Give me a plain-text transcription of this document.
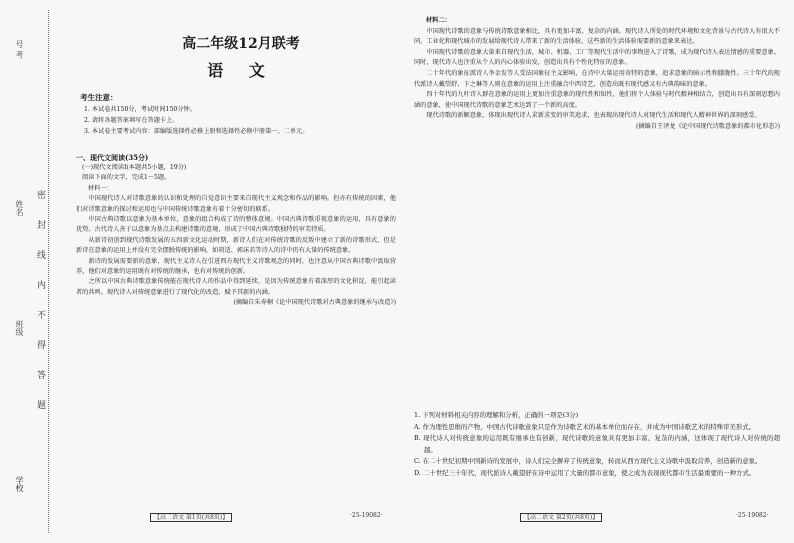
号 考
姓名
班级
密
封
线
内
不
得
答
题
学校
高二年级12月联考
语 文
考生注意：
1. 本试卷共150分，考试时间150分钟。
2. 请将各题答案填写在答题卡上。
3. 本试卷主要考试内容：部编版选择性必修上册和选择性必修中册第一、二单元。
一、现代文阅读(35分)

(一)现代文阅读Ⅰ(本题共5小题，19分)

阅读下面的文字，完成1～5题。

材料一：

中国现代诗人对诗歌意象的认识和处理的自觉意识主要来自现代主义观念和作品的影响。但亦有传统的因素，他们对诗歌意象的探讨和运用也与中国传统诗歌意象有着十分密切的联系。

中国古典诗歌以意象为基本单位，意象的组合构成了诗的整体意境。中国古典诗歌重视意象的运用，具有意象的优势。古代诗人善于以意象为基点去构建诗歌的意境，形成了中国古典诗歌独特的审美特质。

从新诗初创到现代诗歌发展的五四新文化运动时期，新诗人们在对传统诗歌的反叛中建立了新的诗歌形式，但是新诗在意象的运用上并没有完全摆脱传统的影响，如胡适、郭沫若等诗人的诗中仍有大量的传统意象。

新诗的发展需要新的意象，现代主义诗人在引进西方现代主义诗歌观念的同时，也注意从中国古典诗歌中汲取营养，他们对意象的运用既有对传统的继承，也有对传统的创新。

之所以中国古典诗歌意象传统能在现代诗人的作品中得到延续，是因为传统意象有着深厚的文化积淀，能引起读者的共鸣。现代诗人对传统意象进行了现代化的改造，赋予其新的内涵。

(摘编自朱寿桐《论中国现代诗歌对古典意象的继承与改造》)

材料二：

中国现代诗歌的意象与传统诗歌意象相比，具有更加丰富、复杂的内涵。现代诗人所处的时代环境和文化背景与古代诗人有很大不同，工业化和现代城市的发展给现代诗人带来了新的生活体验，这些新的生活体验需要新的意象来表达。

中国现代诗歌的意象大量来自现代生活，城市、机器、工厂等现代生活中的事物进入了诗歌，成为现代诗人表达情感的重要意象。同时，现代诗人也注重从个人的内心体验出发，创造出具有个性化特征的意象。

二十年代的象征派诗人李金发等人受法国象征主义影响，在诗中大量运用奇特的意象，追求意象的暗示性和朦胧性。三十年代的现代派诗人戴望舒、卞之琳等人则在意象的运用上注重融合中西诗艺，创造出既有现代感又有古典韵味的意象。

四十年代的九叶诗人群在意象的运用上更加注重意象的现代性和知性，他们将个人体验与时代精神相结合，创造出具有深刻思想内涵的意象，使中国现代诗歌的意象艺术达到了一个新的高度。

现代诗歌的新颖意象，体现出现代诗人求新求变的审美追求，也表现出现代诗人对现代生活和现代人精神世界的深刻感受。

(摘编自王泽龙《论中国现代诗歌意象的都市化形态》)

1. 下列对材料相关内容的理解和分析，正确的一项是(3分)

A. 作为理性思维的产物，中国古代诗歌意象只是作为诗歌艺术的基本单位而存在，并成为中国诗歌艺术的特殊审美形式。

B. 现代诗人对传统意象的运用既有继承也有创新，现代诗歌的意象具有更加丰富、复杂的内涵，这体现了现代诗人对传统的超越。

C. 在二十世纪初期中国新诗的发展中，诗人们完全摒弃了传统意象，转而从西方现代主义诗歌中汲取营养，创造新的意象。

D. 二十世纪三十年代，现代派诗人戴望舒在诗中运用了大量的都市意象，使之成为表现现代都市生活最重要的一种方式。

【高二语文 第1页(共8页)】	·25-19082·	【高二语文 第2页(共8页)】	·25-19082·
